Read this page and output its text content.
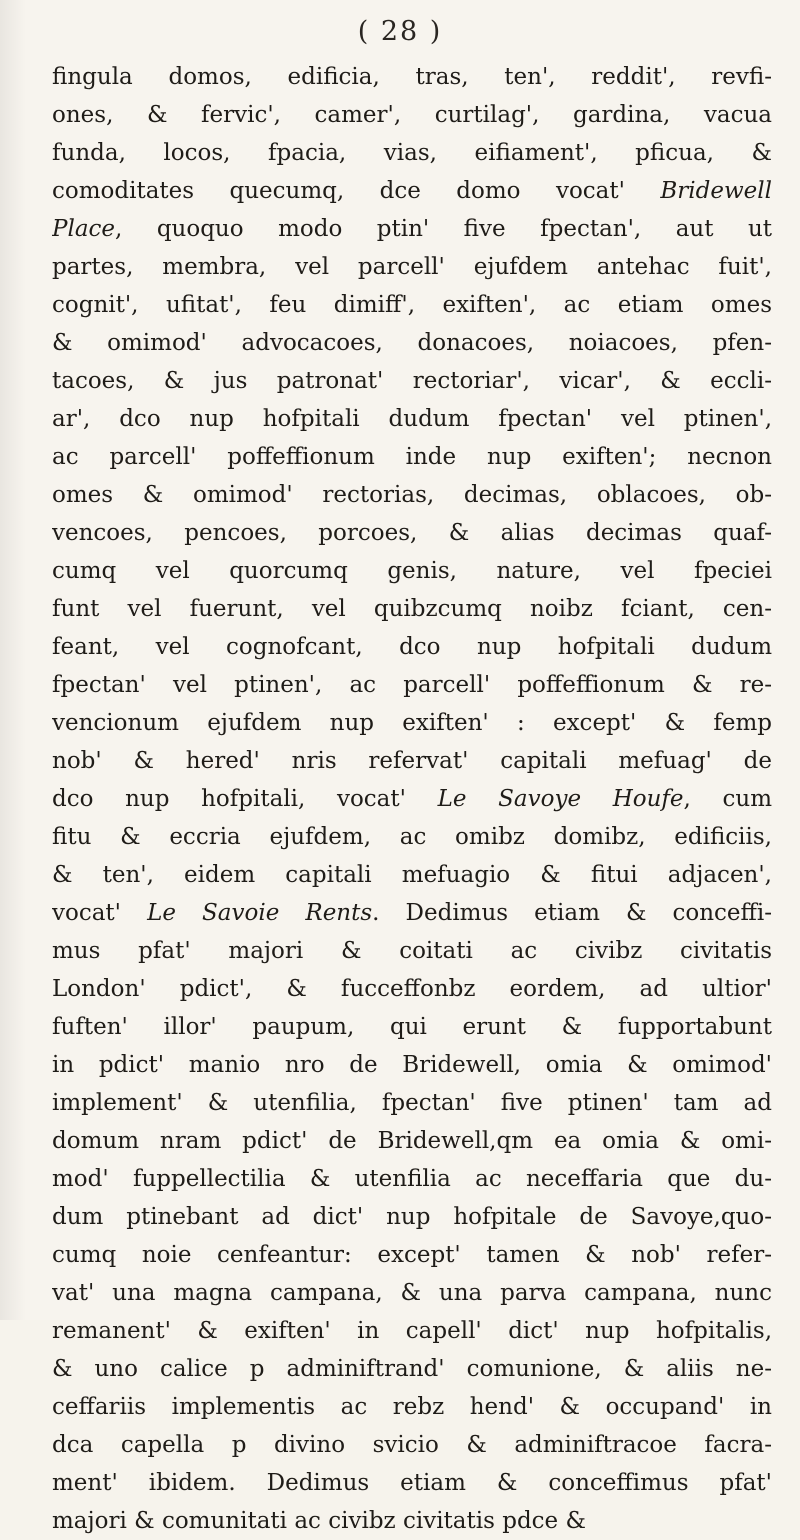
( 28 )
fingula domos, edificia, tras, ten', reddit', revfi-
ones, & fervic', camer', curtilag', gardina, vacua
funda, locos, fpacia, vias, eifiament', pficua, &
comoditates quecumq, dce domo vocat' Bridewell
Place, quoquo modo ptin' five fpectan', aut ut
partes, membra, vel parcell' ejufdem antehac fuit',
cognit', ufitat', feu dimiff', exiften', ac etiam omes
& omimod' advocacoes, donacoes, noiacoes, pfen-
tacoes, & jus patronat' rectoriar', vicar', & eccli-
ar', dco nup hofpitali dudum fpectan' vel ptinen',
ac parcell' poffeffionum inde nup exiften'; necnon
omes & omimod' rectorias, decimas, oblacoes, ob-
vencoes, pencoes, porcoes, & alias decimas quaf-
cumq vel quorcumq genis, nature, vel fpeciei
funt vel fuerunt, vel quibzcumq noibz fciant, cen-
feant, vel cognofcant, dco nup hofpitali dudum
fpectan' vel ptinen', ac parcell' poffeffionum & re-
vencionum ejufdem nup exiften' : except' & femp
nob' & hered' nris refervat' capitali mefuag' de
dco nup hofpitali, vocat' Le Savoye Houfe, cum
fitu & eccria ejufdem, ac omibz domibz, edificiis,
& ten', eidem capitali mefuagio & fitui adjacen',
vocat' Le Savoie Rents. Dedimus etiam & conceffi-
mus pfat' majori & coitati ac civibz civitatis
London' pdict', & fucceffonbz eordem, ad ultior'
fuften' illor' paupum, qui erunt & fupportabunt
in pdict' manio nro de Bridewell, omia & omimod'
implement' & utenfilia, fpectan' five ptinen' tam ad
domum nram pdict' de Bridewell,qm ea omia & omi-
mod' fuppellectilia & utenfilia ac neceffaria que du-
dum ptinebant ad dict' nup hofpitale de Savoye,quo-
cumq noie cenfeantur: except' tamen & nob' refer-
vat' una magna campana, & una parva campana, nunc
remanent' & exiften' in capell' dict' nup hofpitalis,
& uno calice p adminiftrand' comunione, & aliis ne-
ceffariis implementis ac rebz hend' & occupand' in
dca capella p divino svicio & adminiftracoe facra-
ment' ibidem. Dedimus etiam & conceffimus pfat'
majori & comunitati ac civibz civitatis pdce &
